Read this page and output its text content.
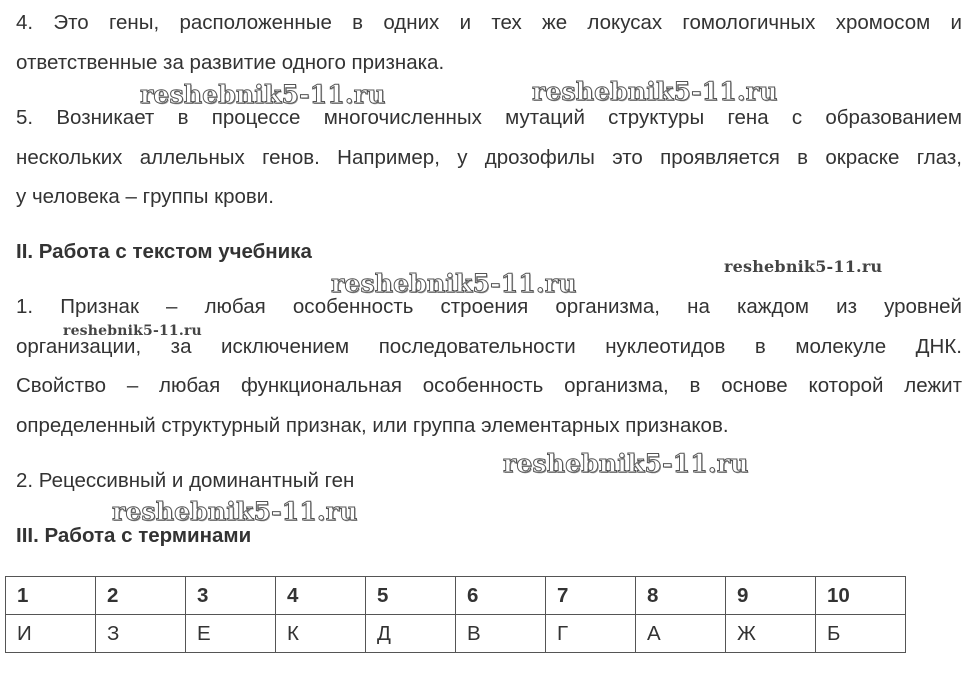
4. Это гены, расположенные в одних и тех же локусах гомологичных хромосом и
ответственные за развитие одного признака.
5. Возникает в процессе многочисленных мутаций структуры гена с образованием
нескольких аллельных генов. Например, у дрозофилы это проявляется в окраске глаз,
у человека – группы крови.
II. Работа с текстом учебника
1. Признак – любая особенность строения организма, на каждом из уровней
организации, за исключением последовательности нуклеотидов в молекуле ДНК.
Свойство – любая функциональная особенность организма, в основе которой лежит
определенный структурный признак, или группа элементарных признаков.
2. Рецессивный и доминантный ген
III. Работа с терминами
reshebnik5-11.ru	reshebnik5-11.ru
reshebnik5-11.ru
reshebnik5-11.ru
reshebnik5-11.ru
reshebnik5-11.ru
reshebnik5-11.ru
1	2	3	4	5	6	7	8	9	10
И	З	Е	К	Д	В	Г	А	Ж	Б
